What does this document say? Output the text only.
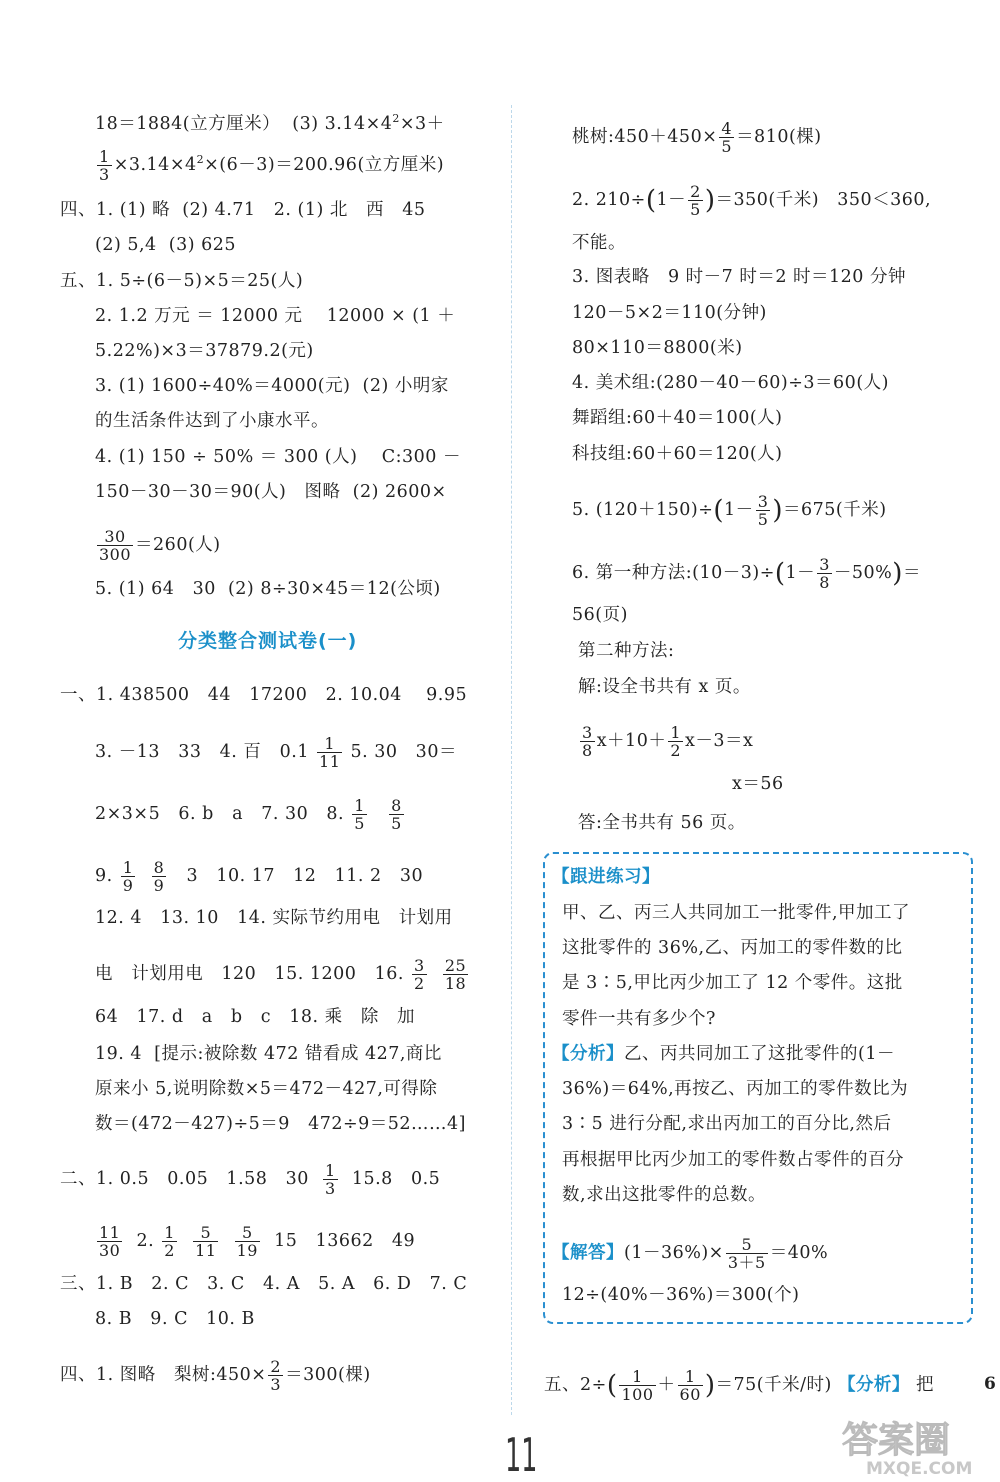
18＝1884(立方厘米）  (3) $3.14\times 4^2\times 3+$
$\frac{1}{3} \times 3.14\times 4^2\times(6-3)=200.96$(立方厘米)
四、1. (1) 略  (2) 4.71   2. (1) 北   西   45
(2) 5,4  (3) 625
五、1. 5÷(6－5)×5＝25(人)
2. 1.2 万元 ＝ 12000 元    12000 × (1 ＋
5.22%)×3＝37879.2(元)
3. (1) 1600÷40%＝4000(元)  (2) 小明家
的生活条件达到了小康水平。
4. (1) 150 ÷ 50% ＝ 300 (人)    C:300 －
150－30－30＝90(人)   图略  (2) 2600×
$\frac{30}{300} =260$(人)
5. (1) 64   30  (2) 8÷30×45＝12(公顷)
分类整合测试卷(一)
一、1. 438500   44   17200   2. 10.04    9.95
3. －13   33   4. 百   $0.1 \frac{1}{11} 5$. 30   30＝
2×3×5   6. b   a   7. 30   8. $\frac{1}{5}$
$\frac{8}{5}$
9. $\frac{1}{9}$
$\frac{8}{9} 3$   10. 17   12   11. 2   30
12. 4   13. 10   14. 实际节约用电   计划用
电   计划用电   120   15. 1200   16. $\frac{3}{2}$
$\frac{25}{18}$
64   17. d   a   b   c   18. 乘   除   加
19. 4  [提示:被除数 472 错看成 427,商比
原来小 5,说明除数×5＝472－427,可得除
数＝(472－427)÷5＝9   472÷9＝52……4]
二、1. 0.5   0.05   1.58   $30 \frac{1}{3} 15.8$   0.5
$\frac{11}{30} 2$. $\frac{1}{2}$
$\frac{5}{11}$
$\frac{5}{19} 15$   13662   49
三、1. B   2. C   3. C   4. A   5. A   6. D   7. C
8. B   9. C   10. B
四、1. 图略   梨树:450× $\frac{2}{3} =300$(棵)
桃树:450＋450× $\frac{4}{5} =810$(棵)
2. $210\div(1- \frac{2}{5} )=350$(千米)   350＜360,
不能。
3. 图表略   9 时－7 时＝2 时＝120 分钟
120－5×2＝110(分钟)
80×110＝8800(米)
4. 美术组:(280－40－60)÷3＝60(人)
舞蹈组:60＋40＝100(人)
科技组:60＋60＝120(人)
5. $(120+150)\div(1- \frac{3}{5} )=675$(千米)
6. 第一种方法:(10－3)÷(1－ $\frac{3}{8} -50\%)=$
56(页)
第二种方法:
解:设全书共有 x 页。
$\frac{3}{8} x+10+ \frac{1}{2} x-3=x$
x＝56
答:全书共有 56 页。
【跟进练习】
甲、乙、丙三人共同加工一批零件,甲加工了
这批零件的 36%,乙、丙加工的零件数的比
是 3∶5,甲比丙少加工了 12 个零件。这批
零件一共有多少个?
【分析】乙、丙共同加工了这批零件的(1－
36%)＝64%,再按乙、丙加工的零件数比为
3∶5 进行分配,求出丙加工的百分比,然后
再根据甲比丙少加工的零件数占零件的百分
数,求出这批零件的总数。
【解答】$(1-36\%)\times \frac{5}{3+5} =40\%$
12÷(40%－36%)＝300(个)
五、$2\div( \frac{1}{100} + \frac{1}{60} )=75$(千米/时) 【分析】 把	6
11	答案圈
MXQE.COM
